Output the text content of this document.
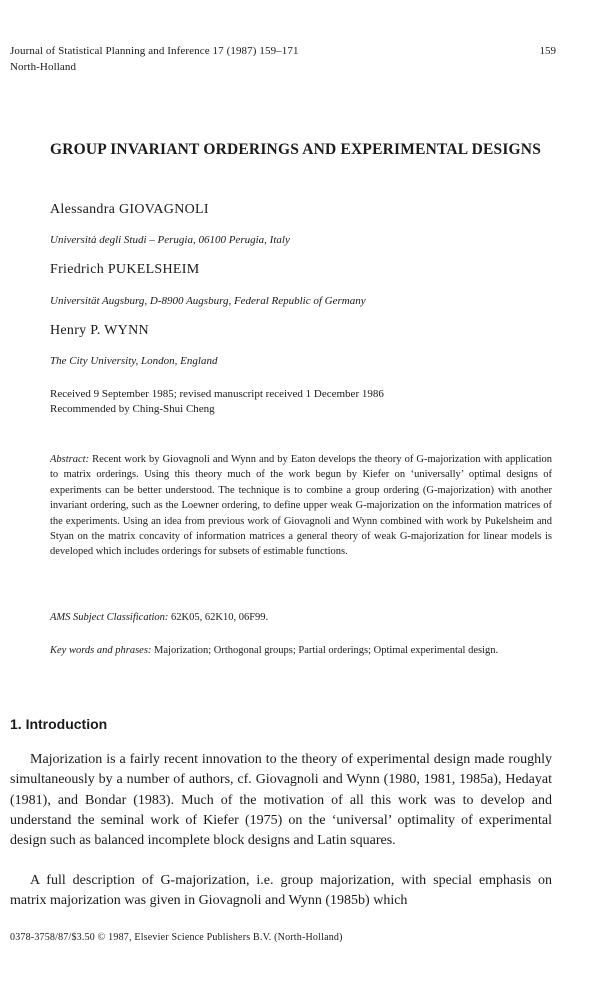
Journal of Statistical Planning and Inference 17 (1987) 159–171
North-Holland
159
GROUP INVARIANT ORDERINGS AND EXPERIMENTAL DESIGNS
Alessandra GIOVAGNOLI
Università degli Studi – Perugia, 06100 Perugia, Italy
Friedrich PUKELSHEIM
Universität Augsburg, D-8900 Augsburg, Federal Republic of Germany
Henry P. WYNN
The City University, London, England
Received 9 September 1985; revised manuscript received 1 December 1986
Recommended by Ching-Shui Cheng
Abstract: Recent work by Giovagnoli and Wynn and by Eaton develops the theory of G-majorization with application to matrix orderings. Using this theory much of the work begun by Kiefer on ‘universally’ optimal designs of experiments can be better understood. The technique is to combine a group ordering (G-majorization) with another invariant ordering, such as the Loewner ordering, to define upper weak G-majorization on the information matrices of the experiments. Using an idea from previous work of Giovagnoli and Wynn combined with work by Pukelsheim and Styan on the matrix concavity of information matrices a general theory of weak G-majorization for linear models is developed which includes orderings for subsets of estimable functions.
AMS Subject Classification: 62K05, 62K10, 06F99.
Key words and phrases: Majorization; Orthogonal groups; Partial orderings; Optimal experimental design.
1. Introduction

Majorization is a fairly recent innovation to the theory of experimental design made roughly simultaneously by a number of authors, cf. Giovagnoli and Wynn (1980, 1981, 1985a), Hedayat (1981), and Bondar (1983). Much of the motivation of all this work was to develop and understand the seminal work of Kiefer (1975) on the ‘universal’ optimality of experimental design such as balanced incomplete block designs and Latin squares.

A full description of G-majorization, i.e. group majorization, with special emphasis on matrix majorization was given in Giovagnoli and Wynn (1985b) which

0378-3758/87/$3.50 © 1987, Elsevier Science Publishers B.V. (North-Holland)
